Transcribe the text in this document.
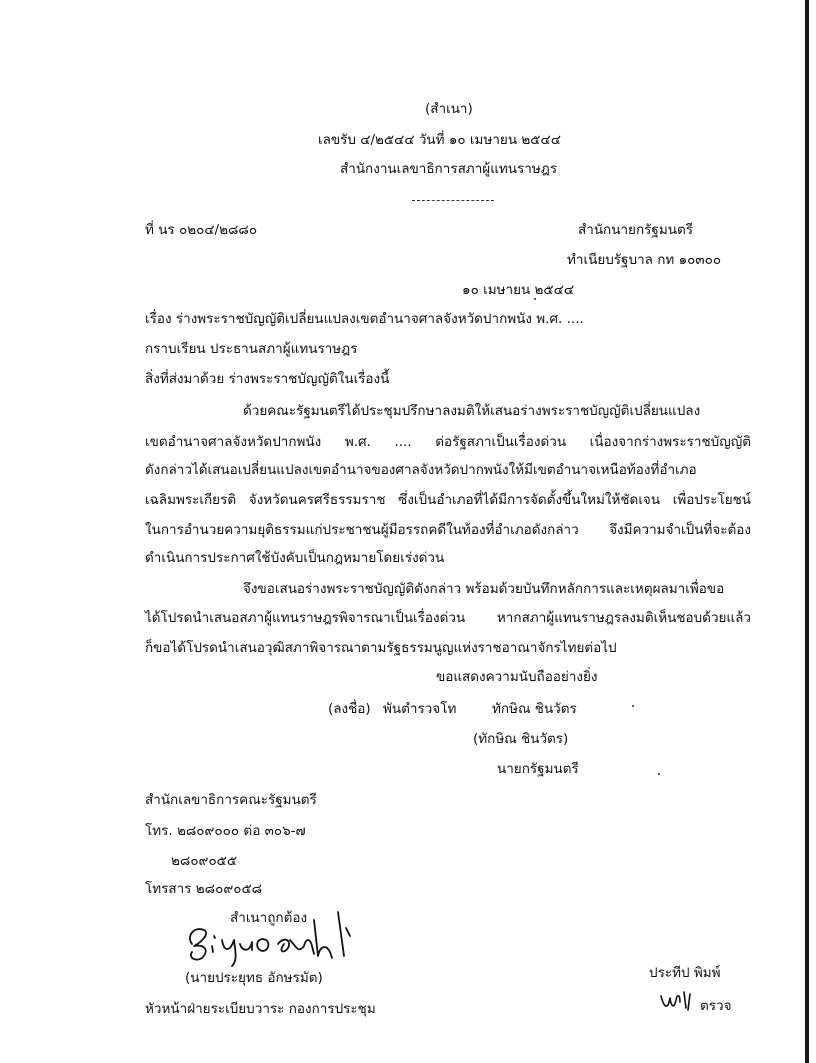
(สำเนา)
เลขรับ ๔/๒๕๔๔ วันที่ ๑๐ เมษายน ๒๕๔๔
สำนักงานเลขาธิการสภาผู้แทนราษฎร
ที่ นร ๐๒๐๔/๒๘๘๐	สำนักนายกรัฐมนตรี
ทำเนียบรัฐบาล กท ๑๐๓๐๐
๑๐ เมษายน ๒๕๔๔
เรื่อง ร่างพระราชบัญญัติเปลี่ยนแปลงเขตอำนาจศาลจังหวัดปากพนัง พ.ศ. ....
กราบเรียน ประธานสภาผู้แทนราษฎร
สิ่งที่ส่งมาด้วย ร่างพระราชบัญญัติในเรื่องนี้
ด้วยคณะรัฐมนตรีได้ประชุมปรึกษาลงมติให้เสนอร่างพระราชบัญญัติเปลี่ยนแปลง
เขตอำนาจศาลจังหวัดปากพนัง พ.ศ. .... ต่อรัฐสภาเป็นเรื่องด่วน เนื่องจากร่างพระราชบัญญัติ
ดังกล่าวได้เสนอเปลี่ยนแปลงเขตอำนาจของศาลจังหวัดปากพนังให้มีเขตอำนาจเหนือท้องที่อำเภอ
เฉลิมพระเกียรติ จังหวัดนครศรีธรรมราช ซึ่งเป็นอำเภอที่ได้มีการจัดตั้งขึ้นใหม่ให้ชัดเจน เพื่อประโยชน์
ในการอำนวยความยุติธรรมแก่ประชาชนผู้มีอรรถคดีในท้องที่อำเภอดังกล่าว จึงมีความจำเป็นที่จะต้อง
ดำเนินการประกาศใช้บังคับเป็นกฎหมายโดยเร่งด่วน
จึงขอเสนอร่างพระราชบัญญัติดังกล่าว พร้อมด้วยบันทึกหลักการและเหตุผลมาเพื่อขอ
ได้โปรดนำเสนอสภาผู้แทนราษฎรพิจารณาเป็นเรื่องด่วน หากสภาผู้แทนราษฎรลงมติเห็นชอบด้วยแล้ว
ก็ขอได้โปรดนำเสนอวุฒิสภาพิจารณาตามรัฐธรรมนูญแห่งราชอาณาจักรไทยต่อไป
ขอแสดงความนับถืออย่างยิ่ง
(ลงชื่อ) พันตำรวจโท	ทักษิณ ชินวัตร
(ทักษิณ ชินวัตร)
นายกรัฐมนตรี
สำนักเลขาธิการคณะรัฐมนตรี
โทร. ๒๘๐๙๐๐๐ ต่อ ๓๐๖-๗
๒๘๐๙๐๕๕
โทรสาร ๒๘๐๙๐๕๘
สำเนาถูกต้อง
(นายประยุทธ อักษรมัต)
หัวหน้าฝ่ายระเบียบวาระ กองการประชุม
ประทีป พิมพ์
ตรวจ
